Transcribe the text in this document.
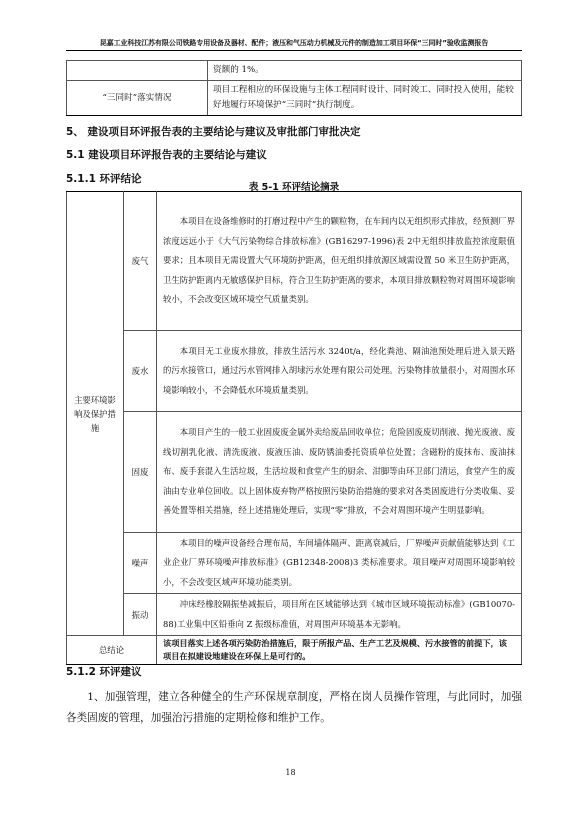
昆嘉工业科技江苏有限公司铁路专用设备及器材、配件；液压和气压动力机械及元件的制造加工项目环保“三同时”验收监测报告
	资额的 1%。
“三同时”落实情况	项目工程相应的环保设施与主体工程同时设计、同时竣工、同时投入使用，能较好地履行环境保护“三同时”执行制度。
5、 建设项目环评报告表的主要结论与建议及审批部门审批决定
5.1 建设项目环评报告表的主要结论与建议
5.1.1 环评结论
表 5-1 环评结论摘录
主要环境影响及保护措施	废气	本项目在设备维修时的打磨过程中产生的颗粒物，在车间内以无组织形式排放，经预测厂界浓度远远小于《大气污染物综合排放标准》(GB16297-1996)表 2中无组织排放监控浓度限值要求；且本项目无需设置大气环境防护距离，但无组织排放源区域需设置 50 米卫生防护距离，卫生防护距离内无敏感保护目标，符合卫生防护距离的要求，本项目排放颗粒物对周围环境影响较小，不会改变区域环境空气质量类别。
	废水	本项目无工业废水排放，排放生活污水 3240t/a，经化粪池、隔油池预处理后进入景天路的污水接管口，通过污水管网排入胡埭污水处理有限公司处理。污染物排放量很小，对周围水环境影响较小，不会降低水环境质量类别。
	固废	本项目产生的一般工业固废废金属外卖给废品回收单位；危险固废废切削液、抛光废液、废线切割乳化液、清洗废液、废液压油、废防锈油委托资质单位处置；含磁粉的废抹布、废油抹布、废手套混入生活垃圾，生活垃圾和食堂产生的厨余、泔脚等由环卫部门清运，食堂产生的废油由专业单位回收。以上固体废弃物严格按照污染防治措施的要求对各类固废进行分类收集、妥善处置等相关措施，经上述措施处理后，实现“零”排放，不会对周围环境产生明显影响。
	噪声	本项目的噪声设备经合理布局，车间墙体隔声、距离衰减后，厂界噪声贡献值能够达到《工业企业厂界环境噪声排放标准》(GB12348-2008)3 类标准要求。项目噪声对周围环境影响较小，不会改变区域声环境功能类别。
	振动	冲床经橡胶隔振垫减振后，项目所在区域能够达到《城市区域环境振动标准》(GB10070-88)工业集中区铅垂向 Z 振级标准值，对周围声环境基本无影响。
总结论		该项目落实上述各项污染防治措施后，限于所报产品、生产工艺及规模、污水接管的前提下，该项目在拟建设地建设在环保上是可行的。
5.1.2 环评建议
1、加强管理，建立各种健全的生产环保规章制度，严格在岗人员操作管理，与此同时，加强各类固废的管理，加强治污措施的定期检修和维护工作。
18
